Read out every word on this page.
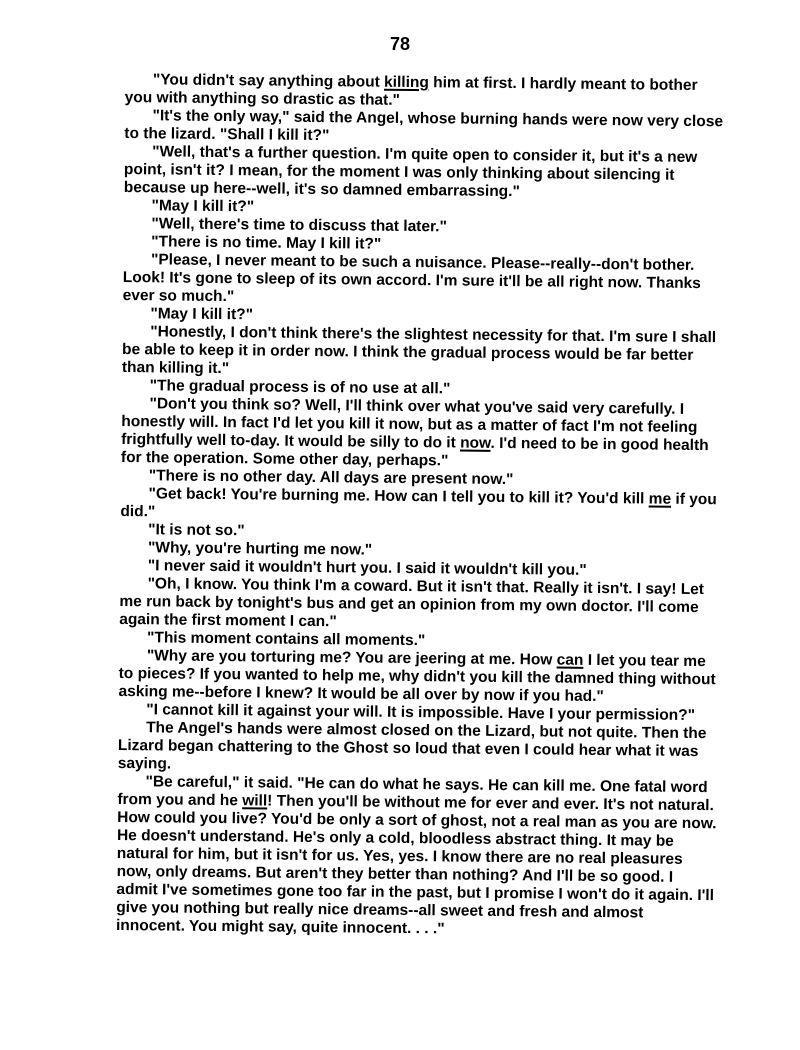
78

"You didn't say anything about killing him at first. I hardly meant to bother you with anything so drastic as that."

"It's the only way," said the Angel, whose burning hands were now very close to the lizard. "Shall I kill it?"

"Well, that's a further question. I'm quite open to consider it, but it's a new point, isn't it? I mean, for the moment I was only thinking about silencing it because up here--well, it's so damned embarrassing."

"May I kill it?"

"Well, there's time to discuss that later."

"There is no time. May I kill it?"

"Please, I never meant to be such a nuisance. Please--really--don't bother. Look! It's gone to sleep of its own accord. I'm sure it'll be all right now. Thanks ever so much."

"May I kill it?"

"Honestly, I don't think there's the slightest necessity for that. I'm sure I shall be able to keep it in order now. I think the gradual process would be far better than killing it."

"The gradual process is of no use at all."

"Don't you think so? Well, I'll think over what you've said very carefully. I honestly will. In fact I'd let you kill it now, but as a matter of fact I'm not feeling frightfully well to-day. It would be silly to do it now. I'd need to be in good health for the operation. Some other day, perhaps."

"There is no other day. All days are present now."

"Get back! You're burning me. How can I tell you to kill it? You'd kill me if you did."

"It is not so."

"Why, you're hurting me now."

"I never said it wouldn't hurt you. I said it wouldn't kill you."

"Oh, I know. You think I'm a coward. But it isn't that. Really it isn't. I say! Let me run back by tonight's bus and get an opinion from my own doctor. I'll come again the first moment I can."

"This moment contains all moments."

"Why are you torturing me? You are jeering at me. How can I let you tear me to pieces? If you wanted to help me, why didn't you kill the damned thing without asking me--before I knew? It would be all over by now if you had."

"I cannot kill it against your will. It is impossible. Have I your permission?"

The Angel's hands were almost closed on the Lizard, but not quite. Then the Lizard began chattering to the Ghost so loud that even I could hear what it was saying.

"Be careful," it said. "He can do what he says. He can kill me. One fatal word from you and he will! Then you'll be without me for ever and ever. It's not natural. How could you live? You'd be only a sort of ghost, not a real man as you are now. He doesn't understand. He's only a cold, bloodless abstract thing. It may be natural for him, but it isn't for us. Yes, yes. I know there are no real pleasures now, only dreams. But aren't they better than nothing? And I'll be so good. I admit I've sometimes gone too far in the past, but I promise I won't do it again. I'll give you nothing but really nice dreams--all sweet and fresh and almost innocent. You might say, quite innocent. . . ."
